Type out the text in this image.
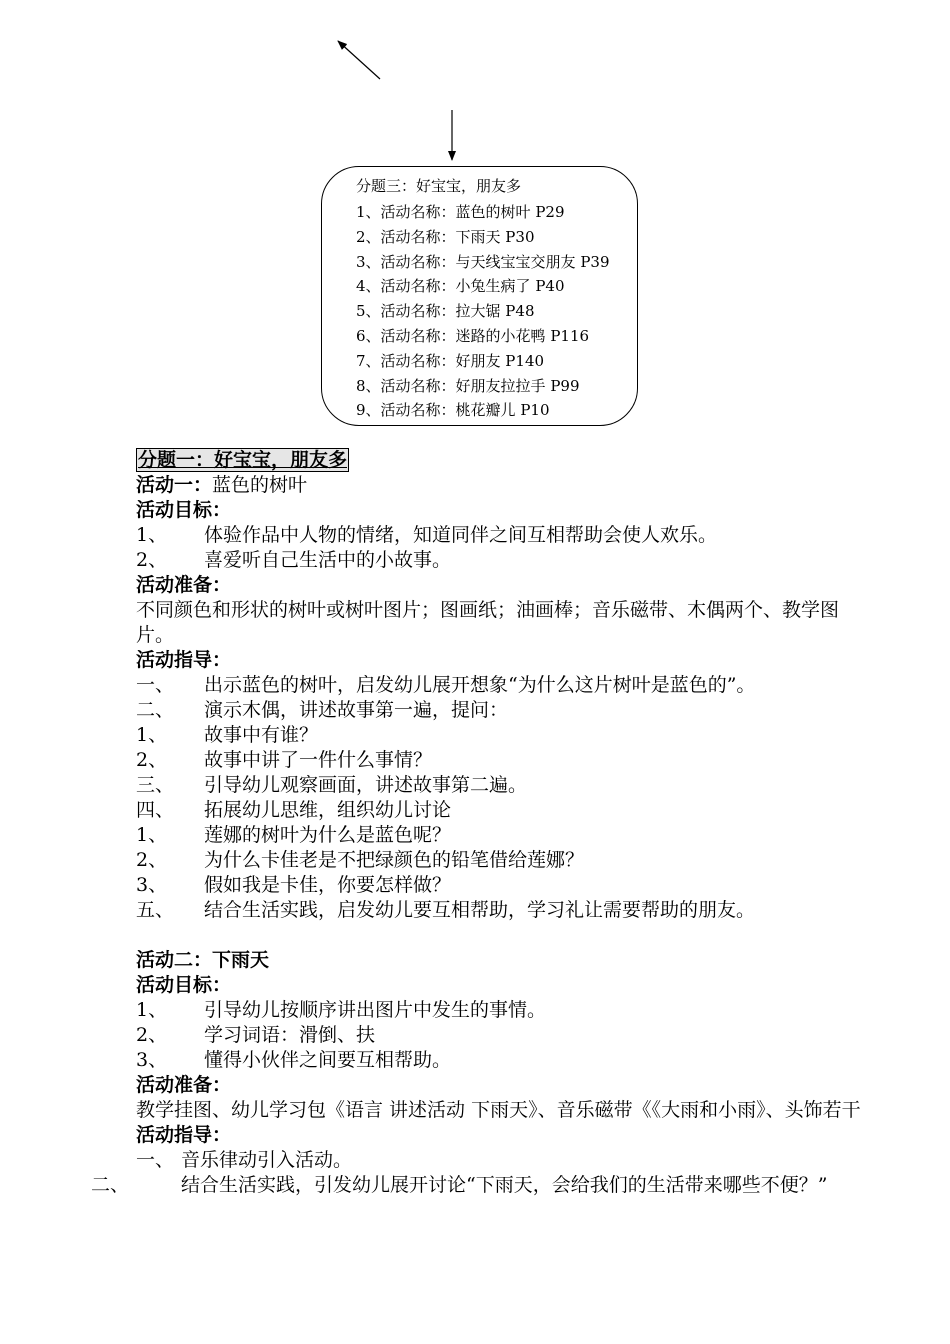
分题三：好宝宝，朋友多
1、活动名称：蓝色的树叶 P29
2、活动名称：下雨天 P30
3、活动名称：与天线宝宝交朋友 P39
4、活动名称：小兔生病了 P40
5、活动名称：拉大锯 P48
6、活动名称：迷路的小花鸭 P116
7、活动名称：好朋友 P140
8、活动名称：好朋友拉拉手 P99
9、活动名称：桃花瓣儿 P10

分题一：好宝宝，朋友多

活动一：蓝色的树叶

活动目标：

1、 体验作品中人物的情绪，知道同伴之间互相帮助会使人欢乐。

2、 喜爱听自己生活中的小故事。

活动准备：

不同颜色和形状的树叶或树叶图片；图画纸；油画棒；音乐磁带、木偶两个、教学图片。

活动指导：

一、 出示蓝色的树叶，启发幼儿展开想象“为什么这片树叶是蓝色的”。

二、 演示木偶，讲述故事第一遍，提问：

1、 故事中有谁？

2、 故事中讲了一件什么事情？

三、 引导幼儿观察画面，讲述故事第二遍。

四、 拓展幼儿思维，组织幼儿讨论

1、 莲娜的树叶为什么是蓝色呢？

2、 为什么卡佳老是不把绿颜色的铅笔借给莲娜？

3、 假如我是卡佳，你要怎样做？

五、 结合生活实践，启发幼儿要互相帮助，学习礼让需要帮助的朋友。

活动二：下雨天

活动目标：

1、 引导幼儿按顺序讲出图片中发生的事情。

2、 学习词语：滑倒、扶

3、 懂得小伙伴之间要互相帮助。

活动准备：

教学挂图、幼儿学习包《语言 讲述活动 下雨天》、音乐磁带《《大雨和小雨》、头饰若干

活动指导：

一、 音乐律动引入活动。

二、	结合生活实践，引发幼儿展开讨论“下雨天，会给我们的生活带来哪些不便？”
